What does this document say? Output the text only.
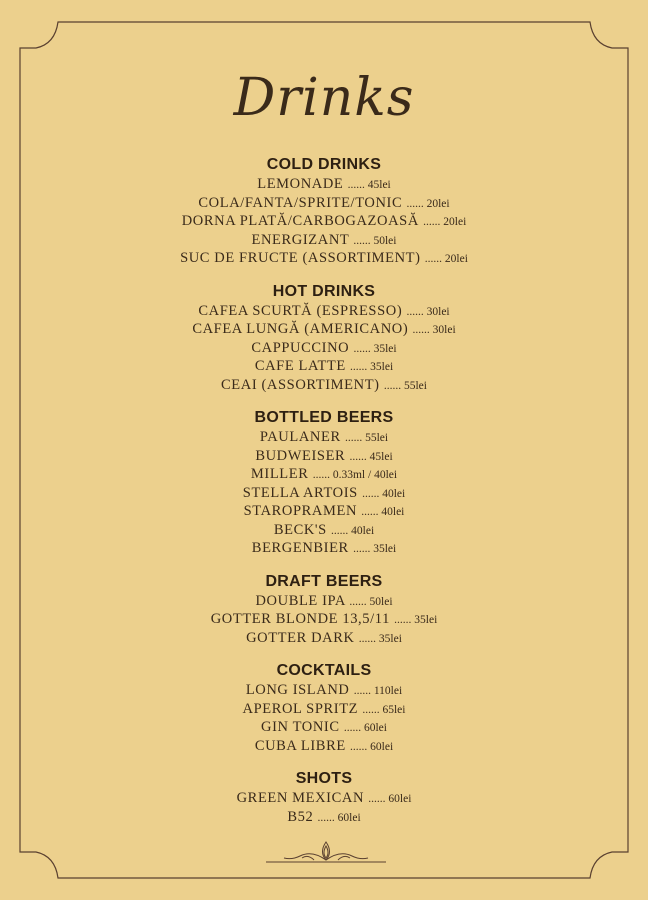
Drinks
COLD DRINKS
LEMONADE ...... 45lei
COLA/FANTA/SPRITE/TONIC ...... 20lei
DORNA PLATĂ/CARBOGAZOASĂ ...... 20lei
ENERGIZANT ...... 50lei
SUC DE FRUCTE (ASSORTIMENT) ...... 20lei
HOT DRINKS
CAFEA SCURTĂ (ESPRESSO) ...... 30lei
CAFEA LUNGĂ (AMERICANO) ...... 30lei
CAPPUCCINO ...... 35lei
CAFE LATTE ...... 35lei
CEAI (ASSORTIMENT) ...... 55lei
BOTTLED BEERS
PAULANER ...... 55lei
BUDWEISER ...... 45lei
MILLER ...... 0.33ml / 40lei
STELLA ARTOIS ...... 40lei
STAROPRAMEN ...... 40lei
BECK'S ...... 40lei
BERGENBIER ...... 35lei
DRAFT BEERS
DOUBLE IPA ...... 50lei
GOTTER BLONDE 13,5/11 ...... 35lei
GOTTER DARK ...... 35lei
COCKTAILS
LONG ISLAND ...... 110lei
APEROL SPRITZ ...... 65lei
GIN TONIC ...... 60lei
CUBA LIBRE ...... 60lei
SHOTS
GREEN MEXICAN ...... 60lei
B52 ...... 60lei
